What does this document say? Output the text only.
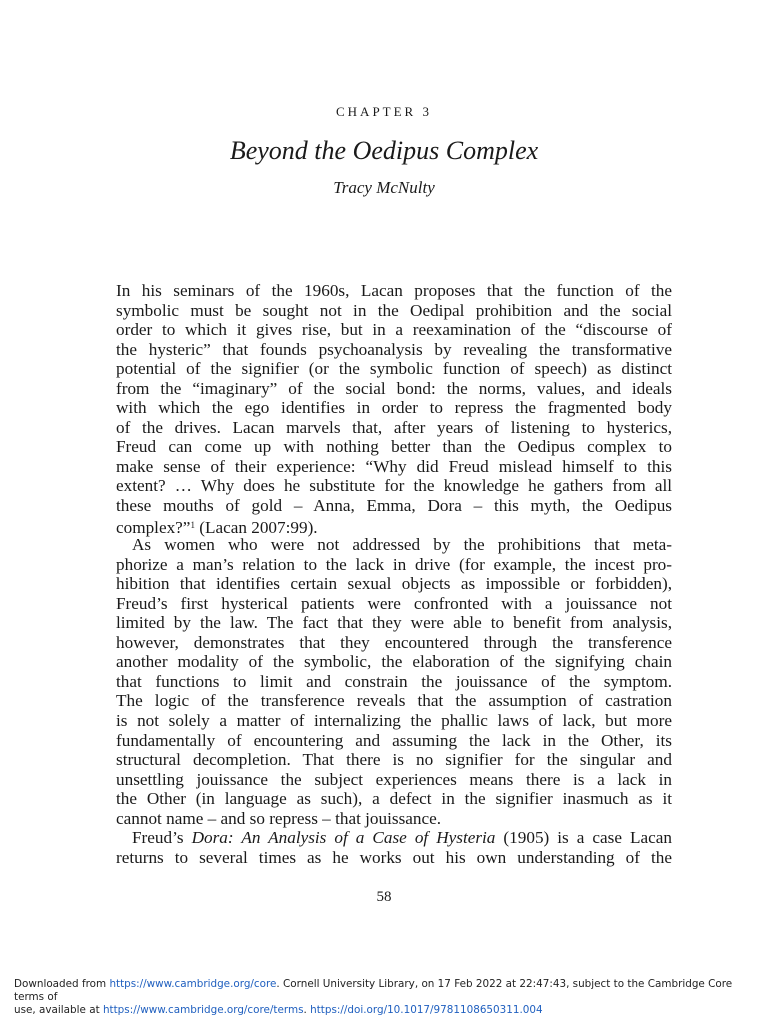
CHAPTER 3
Beyond the Oedipus Complex
Tracy McNulty
In his seminars of the 1960s, Lacan proposes that the function of the
symbolic must be sought not in the Oedipal prohibition and the social
order to which it gives rise, but in a reexamination of the “discourse of
the hysteric” that founds psychoanalysis by revealing the transformative
potential of the signifier (or the symbolic function of speech) as distinct
from the “imaginary” of the social bond: the norms, values, and ideals
with which the ego identifies in order to repress the fragmented body
of the drives. Lacan marvels that, after years of listening to hysterics,
Freud can come up with nothing better than the Oedipus complex to
make sense of their experience: “Why did Freud mislead himself to this
extent? … Why does he substitute for the knowledge he gathers from all
these mouths of gold – Anna, Emma, Dora – this myth, the Oedipus
complex?”$^1$ (Lacan 2007:99).
As women who were not addressed by the prohibitions that meta-
phorize a man’s relation to the lack in drive (for example, the incest pro-
hibition that identifies certain sexual objects as impossible or forbidden),
Freud’s first hysterical patients were confronted with a jouissance not
limited by the law. The fact that they were able to benefit from analysis,
however, demonstrates that they encountered through the transference
another modality of the symbolic, the elaboration of the signifying chain
that functions to limit and constrain the jouissance of the symptom.
The logic of the transference reveals that the assumption of castration
is not solely a matter of internalizing the phallic laws of lack, but more
fundamentally of encountering and assuming the lack in the Other, its
structural decompletion. That there is no signifier for the singular and
unsettling jouissance the subject experiences means there is a lack in
the Other (in language as such), a defect in the signifier inasmuch as it
cannot name – and so repress – that jouissance.
Freud’s Dora: An Analysis of a Case of Hysteria (1905) is a case Lacan
returns to several times as he works out his own understanding of the
58
Downloaded from https://www.cambridge.org/core. Cornell University Library, on 17 Feb 2022 at 22:47:43, subject to the Cambridge Core terms of
use, available at https://www.cambridge.org/core/terms. https://doi.org/10.1017/9781108650311.004
